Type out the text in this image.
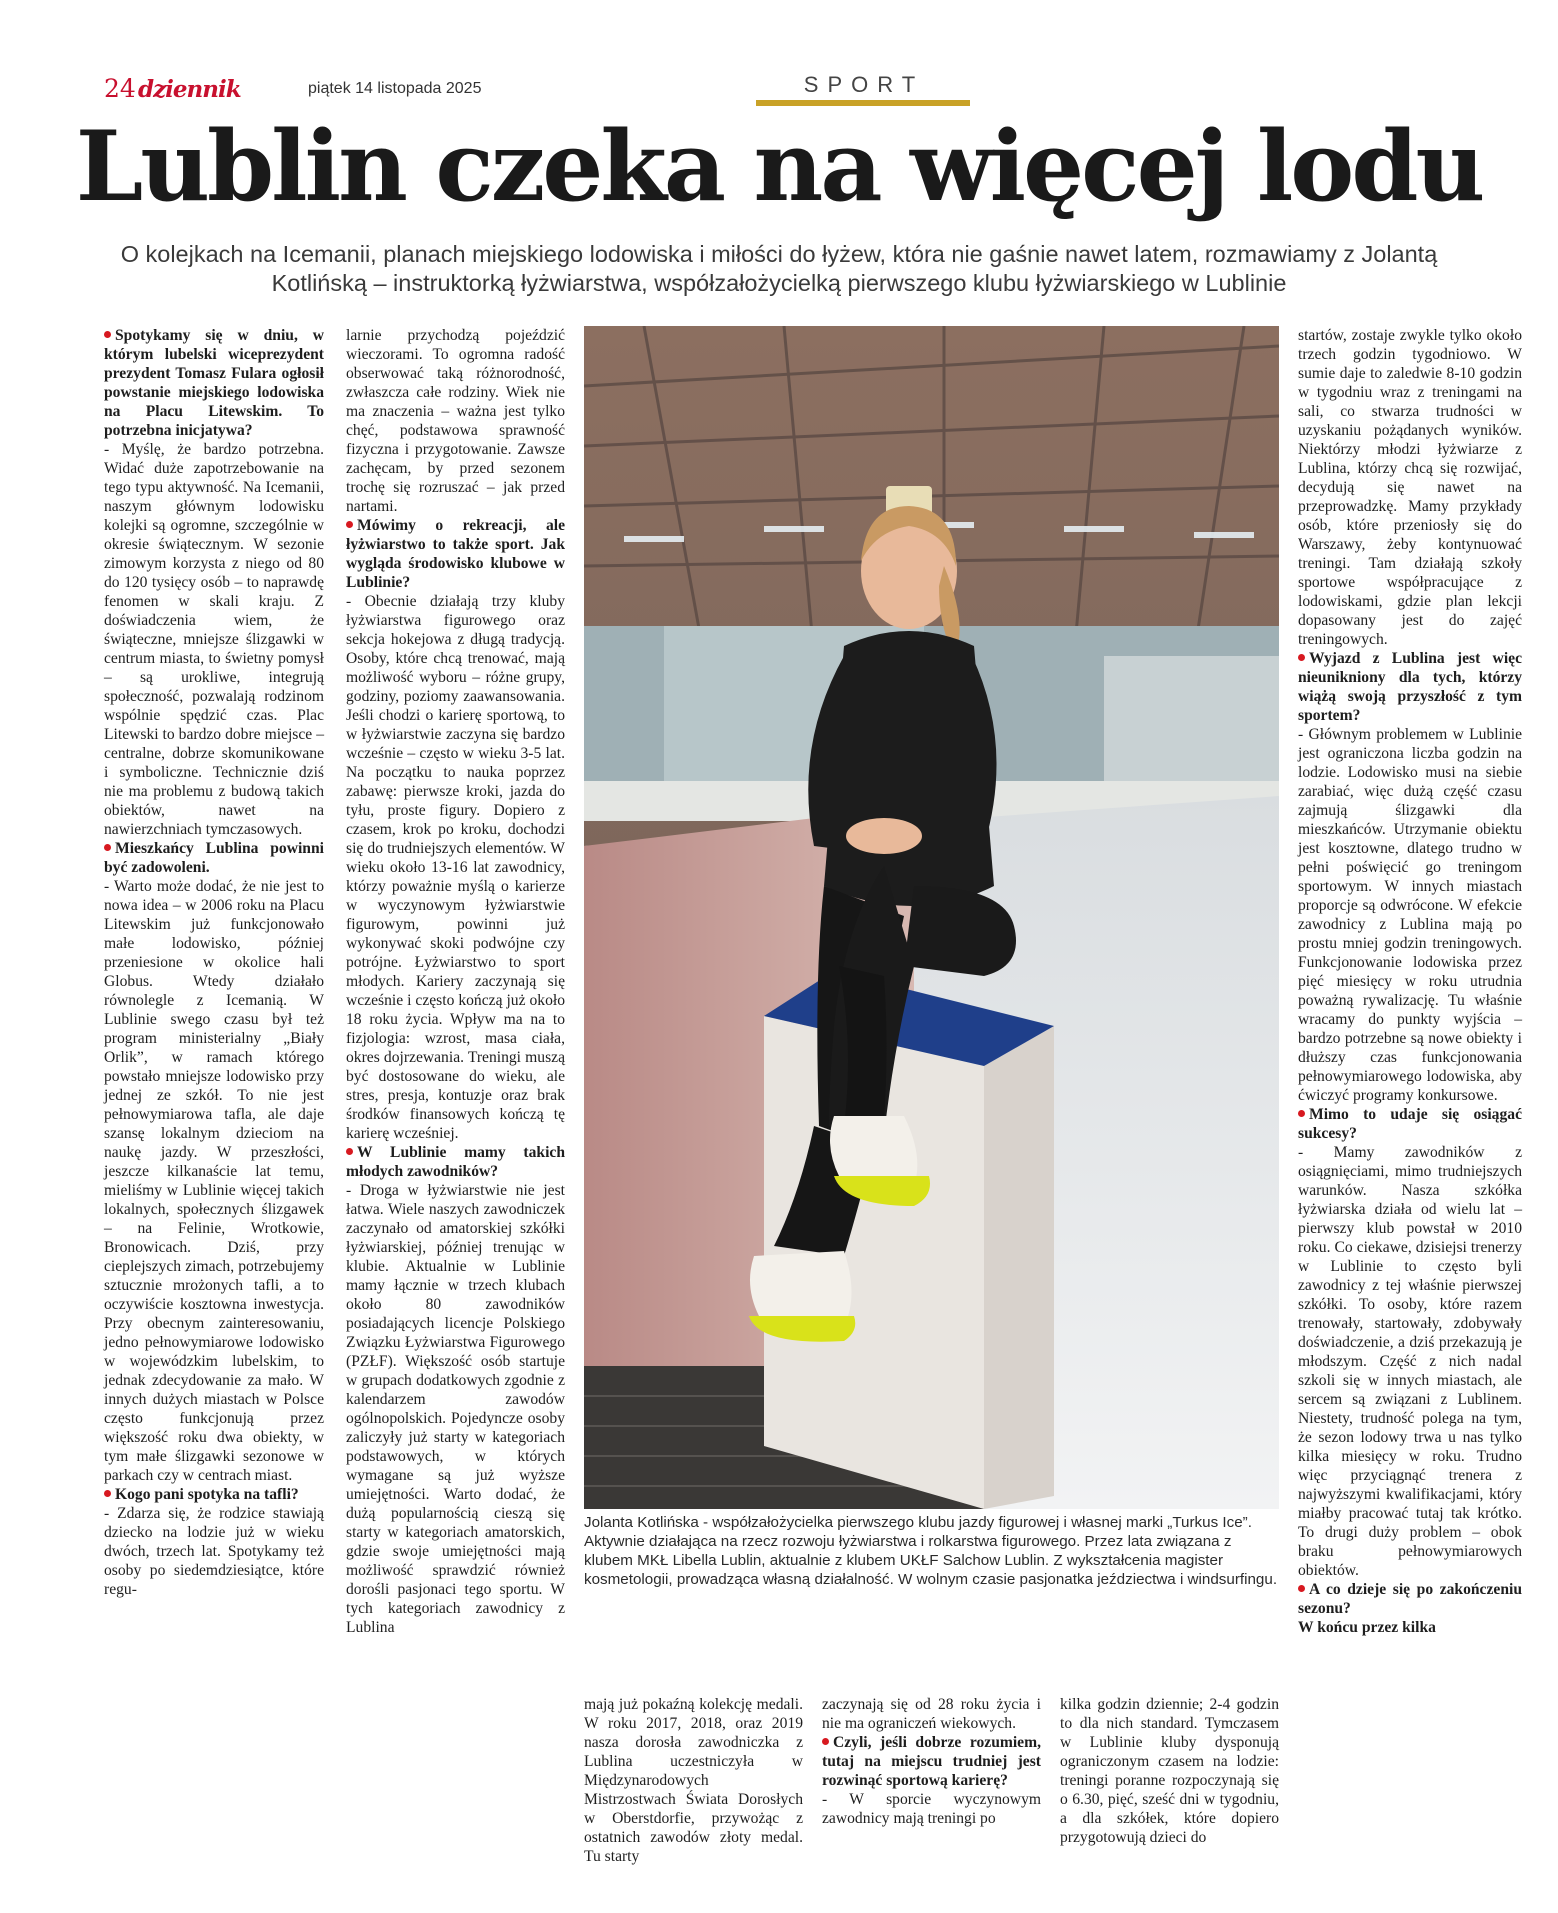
24 dziennik	piątek 14 listopada 2025	SPORT
Lublin czeka na więcej lodu

O kolejkach na Icemanii, planach miejskiego lodowiska i miłości do łyżew, która nie gaśnie nawet latem, rozmawiamy z Jolantą Kotlińską – instruktorką łyżwiarstwa, współzałożycielką pierwszego klubu łyżwiarskiego w Lublinie

Spotykamy się w dniu, w którym lubelski wiceprezydent prezydent Tomasz Fulara ogłosił powstanie miejskiego lodowiska na Placu Litewskim. To potrzebna inicjatywa?

- Myślę, że bardzo potrzebna. Widać duże zapotrzebowanie na tego typu aktywność. Na Icemanii, naszym głównym lodowisku kolejki są ogromne, szczególnie w okresie świątecznym. W sezonie zimowym korzysta z niego od 80 do 120 tysięcy osób – to naprawdę fenomen w skali kraju. Z doświadczenia wiem, że świąteczne, mniejsze ślizgawki w centrum miasta, to świetny pomysł – są urokliwe, integrują społeczność, pozwalają rodzinom wspólnie spędzić czas. Plac Litewski to bardzo dobre miejsce – centralne, dobrze skomunikowane i symboliczne. Technicznie dziś nie ma problemu z budową takich obiektów, nawet na nawierzchniach tymczasowych.

Mieszkańcy Lublina powinni być zadowoleni.

- Warto może dodać, że nie jest to nowa idea – w 2006 roku na Placu Litewskim już funkcjonowało małe lodowisko, później przeniesione w okolice hali Globus. Wtedy działało równolegle z Icemanią. W Lublinie swego czasu był też program ministerialny „Biały Orlik”, w ramach którego powstało mniejsze lodowisko przy jednej ze szkół. To nie jest pełnowymiarowa tafla, ale daje szansę lokalnym dzieciom na naukę jazdy. W przeszłości, jeszcze kilkanaście lat temu, mieliśmy w Lublinie więcej takich lokalnych, społecznych ślizgawek – na Felinie, Wrotkowie, Bronowicach. Dziś, przy cieplejszych zimach, potrzebujemy sztucznie mrożonych tafli, a to oczywiście kosztowna inwestycja. Przy obecnym zainteresowaniu, jedno pełnowymiarowe lodowisko w wojewódzkim lubelskim, to jednak zdecydowanie za mało. W innych dużych miastach w Polsce często funkcjonują przez większość roku dwa obiekty, w tym małe ślizgawki sezonowe w parkach czy w centrach miast.

Kogo pani spotyka na tafli?

- Zdarza się, że rodzice stawiają dziecko na lodzie już w wieku dwóch, trzech lat. Spotykamy też osoby po siedemdziesiątce, które regu-

larnie przychodzą pojeździć wieczorami. To ogromna radość obserwować taką różnorodność, zwłaszcza całe rodziny. Wiek nie ma znaczenia – ważna jest tylko chęć, podstawowa sprawność fizyczna i przygotowanie. Zawsze zachęcam, by przed sezonem trochę się rozruszać – jak przed nartami.

Mówimy o rekreacji, ale łyżwiarstwo to także sport. Jak wygląda środowisko klubowe w Lublinie?

- Obecnie działają trzy kluby łyżwiarstwa figurowego oraz sekcja hokejowa z długą tradycją. Osoby, które chcą trenować, mają możliwość wyboru – różne grupy, godziny, poziomy zaawansowania. Jeśli chodzi o karierę sportową, to w łyżwiarstwie zaczyna się bardzo wcześnie – często w wieku 3-5 lat. Na początku to nauka poprzez zabawę: pierwsze kroki, jazda do tyłu, proste figury. Dopiero z czasem, krok po kroku, dochodzi się do trudniejszych elementów. W wieku około 13-16 lat zawodnicy, którzy poważnie myślą o karierze w wyczynowym łyżwiarstwie figurowym, powinni już wykonywać skoki podwójne czy potrójne. Łyżwiarstwo to sport młodych. Kariery zaczynają się wcześnie i często kończą już około 18 roku życia. Wpływ ma na to fizjologia: wzrost, masa ciała, okres dojrzewania. Treningi muszą być dostosowane do wieku, ale stres, presja, kontuzje oraz brak środków finansowych kończą tę karierę wcześniej.

W Lublinie mamy takich młodych zawodników?

- Droga w łyżwiarstwie nie jest łatwa. Wiele naszych zawodniczek zaczynało od amatorskiej szkółki łyżwiarskiej, później trenując w klubie. Aktualnie w Lublinie mamy łącznie w trzech klubach około 80 zawodników posiadających licencje Polskiego Związku Łyżwiarstwa Figurowego (PZŁF). Większość osób startuje w grupach dodatkowych zgodnie z kalendarzem zawodów ogólnopolskich. Pojedyncze osoby zaliczyły już starty w kategoriach podstawowych, w których wymagane są już wyższe umiejętności. Warto dodać, że dużą popularnością cieszą się starty w kategoriach amatorskich, gdzie swoje umiejętności mają możliwość sprawdzić również dorośli pasjonaci tego sportu. W tych kategoriach zawodnicy z Lublina

Jolanta Kotlińska - współzałożycielka pierwszego klubu jazdy figurowej i własnej marki „Turkus Ice”. Aktywnie działająca na rzecz rozwoju łyżwiarstwa i rolkarstwa figurowego. Przez lata związana z klubem MKŁ Libella Lublin, aktualnie z klubem UKŁF Salchow Lublin. Z wykształcenia magister kosmetologii, prowadząca własną działalność. W wolnym czasie pasjonatka jeździectwa i windsurfingu.

mają już pokaźną kolekcję medali. W roku 2017, 2018, oraz 2019 nasza dorosła zawodniczka z Lublina uczestniczyła w Międzynarodowych Mistrzostwach Świata Dorosłych w Oberstdorfie, przywożąc z ostatnich zawodów złoty medal. Tu starty

zaczynają się od 28 roku życia i nie ma ograniczeń wiekowych.

Czyli, jeśli dobrze rozumiem, tutaj na miejscu trudniej jest rozwinąć sportową karierę?

- W sporcie wyczynowym zawodnicy mają treningi po

kilka godzin dziennie; 2-4 godzin to dla nich standard. Tymczasem w Lublinie kluby dysponują ograniczonym czasem na lodzie: treningi poranne rozpoczynają się o 6.30, pięć, sześć dni w tygodniu, a dla szkółek, które dopiero przygotowują dzieci do

startów, zostaje zwykle tylko około trzech godzin tygodniowo. W sumie daje to zaledwie 8-10 godzin w tygodniu wraz z treningami na sali, co stwarza trudności w uzyskaniu pożądanych wyników. Niektórzy młodzi łyżwiarze z Lublina, którzy chcą się rozwijać, decydują się nawet na przeprowadzkę. Mamy przykłady osób, które przeniosły się do Warszawy, żeby kontynuować treningi. Tam działają szkoły sportowe współpracujące z lodowiskami, gdzie plan lekcji dopasowany jest do zajęć treningowych.

Wyjazd z Lublina jest więc nieunikniony dla tych, którzy wiążą swoją przyszłość z tym sportem?

- Głównym problemem w Lublinie jest ograniczona liczba godzin na lodzie. Lodowisko musi na siebie zarabiać, więc dużą część czasu zajmują ślizgawki dla mieszkańców. Utrzymanie obiektu jest kosztowne, dlatego trudno w pełni poświęcić go treningom sportowym. W innych miastach proporcje są odwrócone. W efekcie zawodnicy z Lublina mają po prostu mniej godzin treningowych. Funkcjonowanie lodowiska przez pięć miesięcy w roku utrudnia poważną rywalizację. Tu właśnie wracamy do punkty wyjścia – bardzo potrzebne są nowe obiekty i dłuższy czas funkcjonowania pełnowymiarowego lodowiska, aby ćwiczyć programy konkursowe.

Mimo to udaje się osiągać sukcesy?

- Mamy zawodników z osiągnięciami, mimo trudniejszych warunków. Nasza szkółka łyżwiarska działa od wielu lat – pierwszy klub powstał w 2010 roku. Co ciekawe, dzisiejsi trenerzy w Lublinie to często byli zawodnicy z tej właśnie pierwszej szkółki. To osoby, które razem trenowały, startowały, zdobywały doświadczenie, a dziś przekazują je młodszym. Część z nich nadal szkoli się w innych miastach, ale sercem są związani z Lublinem. Niestety, trudność polega na tym, że sezon lodowy trwa u nas tylko kilka miesięcy w roku. Trudno więc przyciągnąć trenera z najwyższymi kwalifikacjami, który miałby pracować tutaj tak krótko. To drugi duży problem – obok braku pełnowymiarowych obiektów.

A co dzieje się po zakończeniu sezonu?

W końcu przez kilka
